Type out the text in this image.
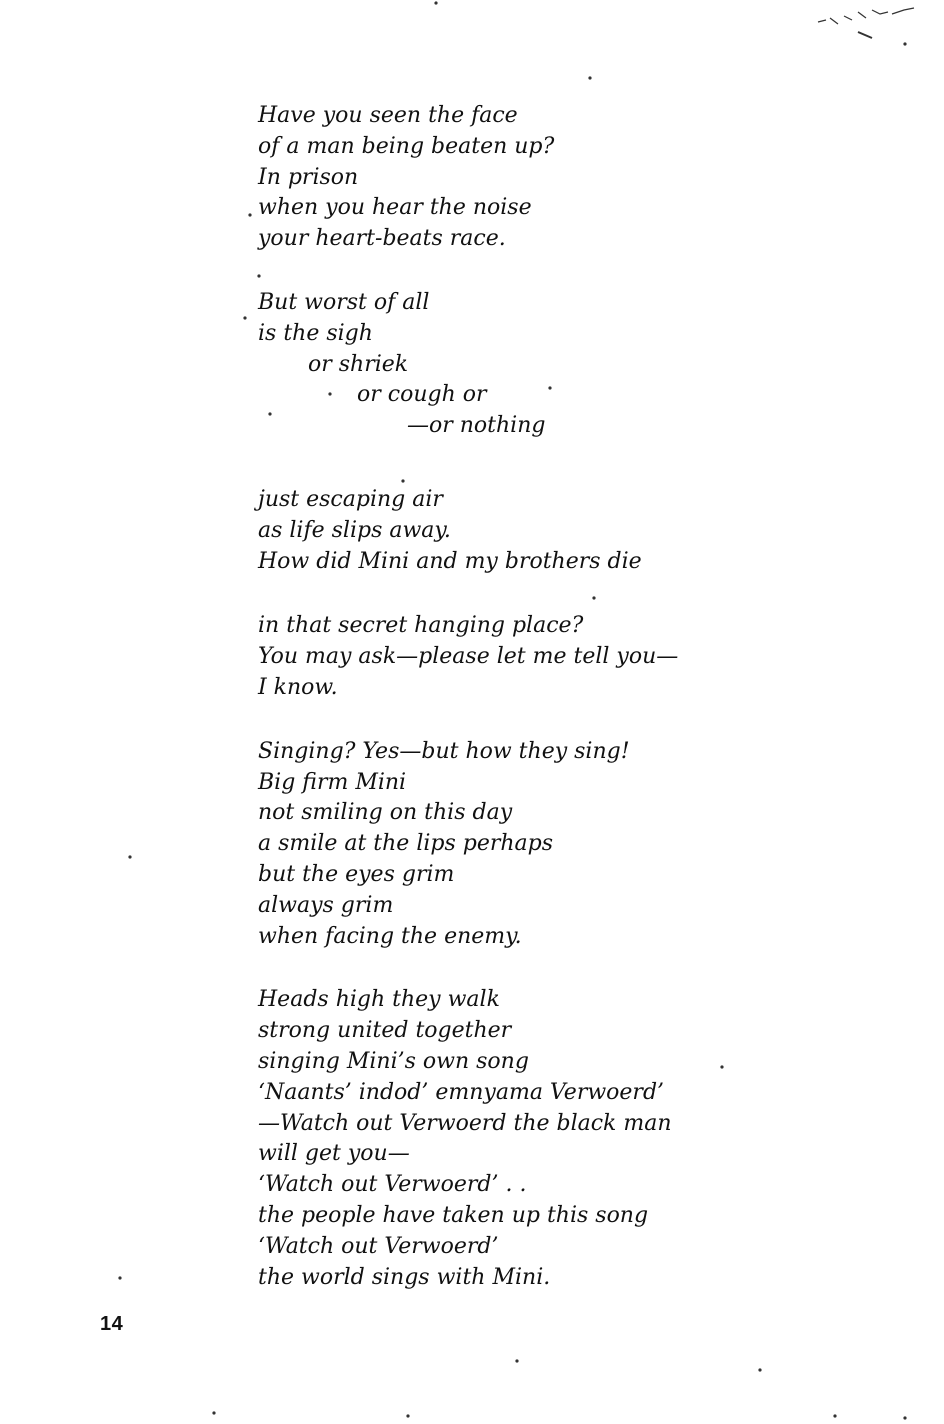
Have you seen the face
of a man being beaten up?
In prison
when you hear the noise
your heart-beats race.
But worst of all
is the sigh
or shriek
or cough or
—or nothing
just escaping air
as life slips away.
How did Mini and my brothers die
in that secret hanging place?
You may ask—please let me tell you—
I know.
Singing? Yes—but how they sing!
Big firm Mini
not smiling on this day
a smile at the lips perhaps
but the eyes grim
always grim
when facing the enemy.
Heads high they walk
strong united together
singing Mini’s own song
‘Naants’ indod’ emnyama Verwoerd’
—Watch out Verwoerd the black man
will get you—
‘Watch out Verwoerd’ . .
the people have taken up this song
‘Watch out Verwoerd’
the world sings with Mini.
14
